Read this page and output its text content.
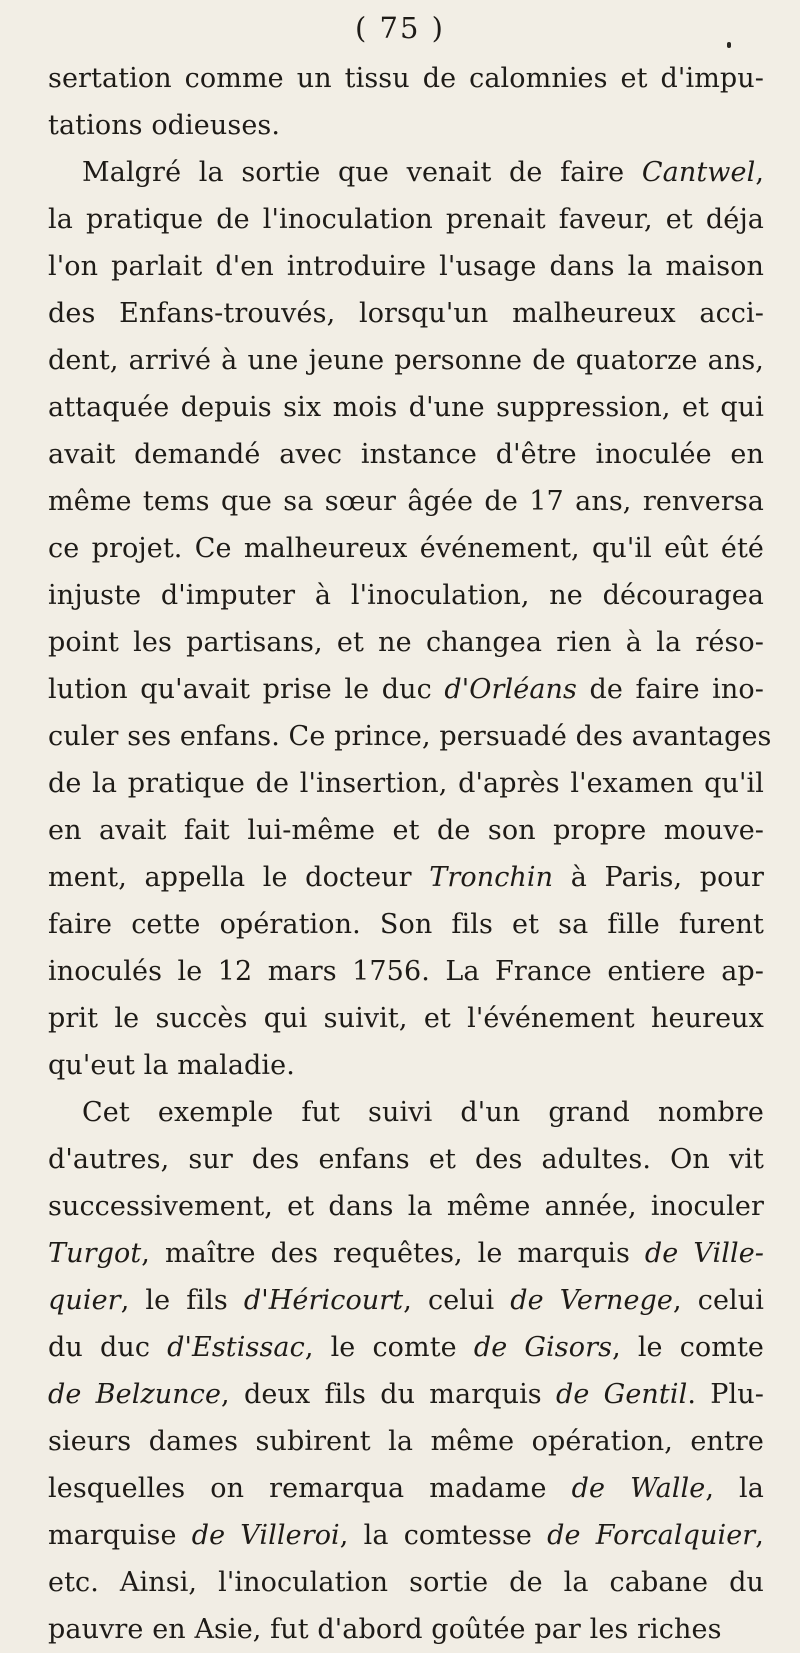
( 75 )
sertation comme un tissu de calomnies et d'impu-
tations odieuses.
Malgré la sortie que venait de faire Cantwel,
la pratique de l'inoculation prenait faveur, et déja
l'on parlait d'en introduire l'usage dans la maison
des Enfans-trouvés, lorsqu'un malheureux acci-
dent, arrivé à une jeune personne de quatorze ans,
attaquée depuis six mois d'une suppression, et qui
avait demandé avec instance d'être inoculée en
même tems que sa sœur âgée de 17 ans, renversa
ce projet. Ce malheureux événement, qu'il eût été
injuste d'imputer à l'inoculation, ne découragea
point les partisans, et ne changea rien à la réso-
lution qu'avait prise le duc d'Orléans de faire ino-
culer ses enfans. Ce prince, persuadé des avantages
de la pratique de l'insertion, d'après l'examen qu'il
en avait fait lui-même et de son propre mouve-
ment, appella le docteur Tronchin à Paris, pour
faire cette opération. Son fils et sa fille furent
inoculés le 12 mars 1756. La France entiere ap-
prit le succès qui suivit, et l'événement heureux
qu'eut la maladie.
Cet exemple fut suivi d'un grand nombre
d'autres, sur des enfans et des adultes. On vit
successivement, et dans la même année, inoculer
Turgot, maître des requêtes, le marquis de Ville-
quier, le fils d'Héricourt, celui de Vernege, celui
du duc d'Estissac, le comte de Gisors, le comte
de Belzunce, deux fils du marquis de Gentil. Plu-
sieurs dames subirent la même opération, entre
lesquelles on remarqua madame de Walle, la
marquise de Villeroi, la comtesse de Forcalquier,
etc. Ainsi, l'inoculation sortie de la cabane du
pauvre en Asie, fut d'abord goûtée par les riches
